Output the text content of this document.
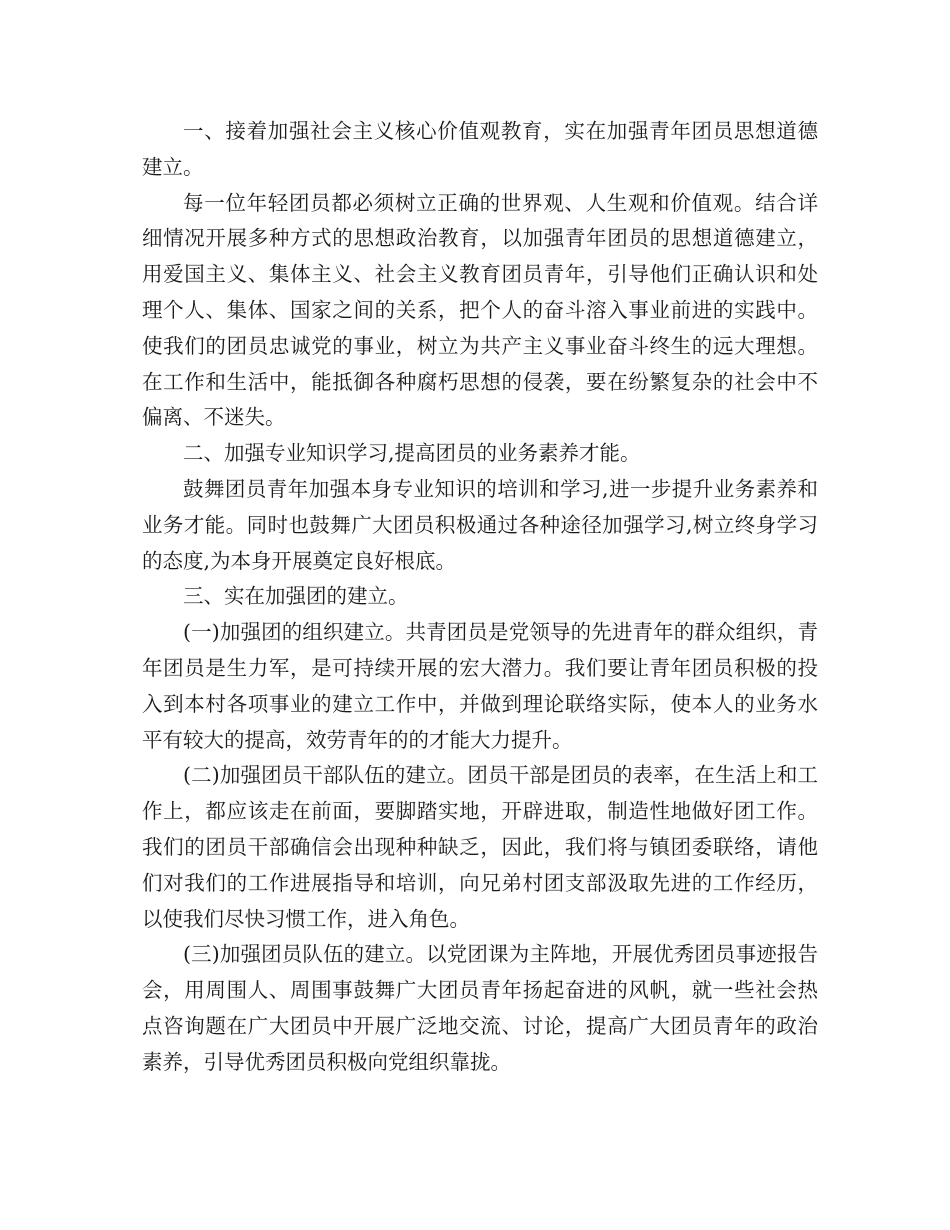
一、接着加强社会主义核心价值观教育，实在加强青年团员思想道德建立。

每一位年轻团员都必须树立正确的世界观、人生观和价值观。结合详细情况开展多种方式的思想政治教育，以加强青年团员的思想道德建立，用爱国主义、集体主义、社会主义教育团员青年，引导他们正确认识和处理个人、集体、国家之间的关系，把个人的奋斗溶入事业前进的实践中。使我们的团员忠诚党的事业，树立为共产主义事业奋斗终生的远大理想。在工作和生活中，能抵御各种腐朽思想的侵袭，要在纷繁复杂的社会中不偏离、不迷失。

二、加强专业知识学习,提高团员的业务素养才能。

鼓舞团员青年加强本身专业知识的培训和学习,进一步提升业务素养和业务才能。同时也鼓舞广大团员积极通过各种途径加强学习,树立终身学习的态度,为本身开展奠定良好根底。

三、实在加强团的建立。

(一)加强团的组织建立。共青团员是党领导的先进青年的群众组织，青年团员是生力军，是可持续开展的宏大潜力。我们要让青年团员积极的投入到本村各项事业的建立工作中，并做到理论联络实际，使本人的业务水平有较大的提高，效劳青年的的才能大力提升。

(二)加强团员干部队伍的建立。团员干部是团员的表率，在生活上和工作上，都应该走在前面，要脚踏实地，开辟进取，制造性地做好团工作。我们的团员干部确信会出现种种缺乏，因此，我们将与镇团委联络，请他们对我们的工作进展指导和培训，向兄弟村团支部汲取先进的工作经历，以使我们尽快习惯工作，进入角色。

(三)加强团员队伍的建立。以党团课为主阵地，开展优秀团员事迹报告会，用周围人、周围事鼓舞广大团员青年扬起奋进的风帆，就一些社会热点咨询题在广大团员中开展广泛地交流、讨论，提高广大团员青年的政治素养，引导优秀团员积极向党组织靠拢。
